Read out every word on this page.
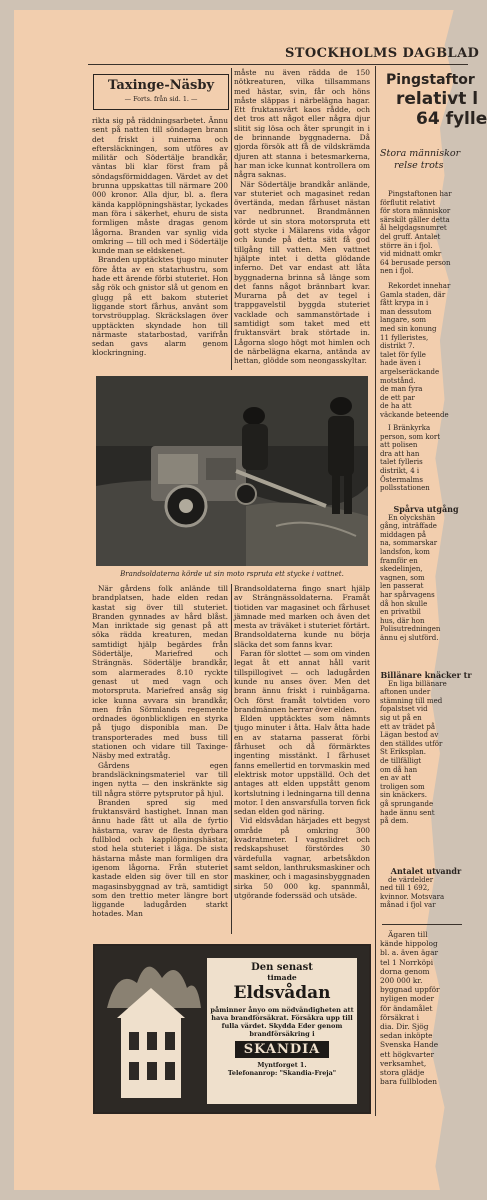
STOCKHOLMS DAGBLAD
Taxinge-Näsby
— Forts. från sid. 1. —

rikta sig på räddningsarbetet. Ännu sent på natten till söndagen brann det friskt i ruinerna och eftersläckningen, som utföres av militär och Södertälje brandkår, väntas bli klar först fram på söndagsförmiddagen. Värdet av det brunna uppskattas till närmare 200 000 kronor. Alla djur, bl. a. flera kända kapplöpningshästar, lyckades man föra i säkerhet, ehuru de sista formligen måste dragas genom lågorna. Branden var synlig vida omkring — till och med i Södertälje kunde man se eldskenet.

Branden upptäcktes tjugo minuter före åtta av en statarhustru, som hade ett ärende förbi stuteriet. Hon såg rök och gnistor slå ut genom en glugg på ett bakom stuteriet liggande stort fårhus, använt som torvströupplag. Skräckslagen över upptäckten skyndade hon till närmaste statarbostad, varifrån sedan gavs alarm genom klockringning.

måste nu även rädda de 150 nötkreaturen, vilka tillsammans med hästar, svin, får och höns måste släppas i närbelägna hagar. Ett fruktansvärt kaos rådde, och det tros att något eller några djur slitit sig lösa och åter sprungit in i de brinnande byggnaderna. Då gjorda försök att få de vildskrämda djuren att stanna i betesmarkerna, har man icke kunnat kontrollera om några saknas.

När Södertälje brandkår anlände, var stuteriet och magasinet redan övertända, medan fårhuset nästan var nedbrunnet. Brandmännen körde ut sin stora motorspruta ett gott stycke i Mälarens vida vågor och kunde på detta sätt få god tillgång till vatten. Men vattnet hjälpte intet i detta glödande inferno. Det var endast att låta byggnaderna brinna så länge som det fanns något brännbart kvar. Murarna på det av tegel i trappgavelstil byggda stuteriet vacklade och sammanstörtade i samtidigt som taket med ett fruktansvärt brak störtade in. Lågorna slogo högt mot himlen och de närbelägna ekarna, antända av hettan, glödde som neongasskyltar.

Brandsoldaterna körde ut sin moto rspruta ett stycke i vattnet.

När gårdens folk anlände till brandplatsen, hade elden redan kastat sig över till stuteriet. Branden gynnades av hård blåst. Man inriktade sig genast på att söka rädda kreaturen, medan samtidigt hjälp begärdes från Södertälje, Mariefred och Strängnäs. Södertälje brandkår, som alarmerades 8.10 ryckte genast ut med vagn och motorspruta. Mariefred ansåg sig icke kunna avvara sin brandkår, men från Sörmlands regemente ordnades ögonblickligen en styrka på tjugo disponibla man. De transporterades med buss till stationen och vidare till Taxinge-Näsby med extratåg.

Gårdens egen brandsläckningsmateriel var till ingen nytta — den inskränkte sig till några större pytsprutor på hjul.

Branden spred sig med fruktansvärd hastighet. Innan man ännu hade fått ut alla de fyrtio hästarna, varav de flesta dyrbara fullblod och kapplöpningshästar, stod hela stuteriet i låga. De sista hästarna måste man formligen dra igenom lågorna. Från stuteriet kastade elden sig över till en stor magasinsbyggnad av trä, samtidigt som den trettio meter längre bort liggande ladugården starkt hotades. Man

Brandsoldaterna fingo snart hjälp av Strängnässoldaterna. Framåt tiotiden var magasinet och fårhuset jämnade med marken och även det mesta av träväket i stuteriet förtärt. Brandsoldaterna kunde nu börja släcka det som fanns kvar.

Faran för slottet — som om vinden legat åt ett annat håll varit tillspillogivet — och ladugården kunde nu anses över. Men det brann ännu friskt i ruinbågarna. Och först framåt tolvtiden voro brandmännen herrar över elden.

Elden upptäcktes som nämnts tjugo minuter i åtta. Halv åtta hade en av statarna passerat förbi fårhuset och då förmärktes ingenting misstänkt. I fårhuset fanns emellertid en torvmaskin med elektrisk motor uppställd. Och det antages att elden uppstått genom kortslutning i ledningarna till denna motor. I den ansvarsfulla torven fick sedan elden god näring.

Vid eldsvådan härjades ett begyst område på omkring 300 kvadratmeter. I vagnslidret och redskapshuset förstördes 30 värdefulla vagnar, arbetsåkdon samt seldon, lanthruksmaskiner och maskiner, och i magasinsbyggnaden sirka 50 000 kg. spannmål, utgörande foderssäd och utsäde.

Den senast
timade
Eldsvådan
påminner ånyo om nödvändigheten att hava brandförsäkrat. Försäkra upp till fulla värdet. Skydda Eder genom brandförsäkring i
SKANDIA
Myntforget 1.
Telefonanrop: "Skandia-Freja"

Pingstaftor

relativt l

64 fylle

Stora människor

relse trots

Pingstaftonen har

förflutit relativt

för stora människor

särskilt gäller detta

ål helgdagsnumret

del gruff. Antalet

större än i fjol.

vid midnatt omkr

64 berusade person

nen i fjol.

Rekordet innehar

Gamla staden, där

fått krypa in i

man dessutom

langare, som

med sin konung

11 fylleristes,

distrikt 7.

talet för fylle

hade även i

argelseräckande

motstånd.

de man fyra

de ett par

de ha att

väckande beteende

I Bränkyrka

person, som kort

att polisen

dra att han

talet fylleris

distrikt, 4 i

Östermalms

pollsstationen

Spårva utgång

En olyckshän

gång, inträffade

middagen på

na, sommarskar

landsfon, kom

framför en

skedelinjen,

vagnen, som

len passerat

har spårvagens

då hon skulle

en privatbil

hus, där hon

Polisutredningen

ännu ej slutförd.

Billänare knäcker tr

En liga billänare

aftonen under

stämning till med

fopalstset vid

sig ut på en

ett av trädet på

Lägan bestod av

den ställdes utför

St Eriksplan.

de tillfälligt

om då han

en av att

troligen som

sin knäckers.

gå sprungande

hade ännu sent

på dem.

Antalet utvandr

de värdelder

ned till 1 692,

kvinnor. Motsvara

månad i fjol var

Ägaren till

kände hippolog

bl. a. även ägar

tel 1 Norrköpi

dorna genom

200 000 kr.

byggnad uppför

nyligen moder

för ändamålet

försäkrat i

dia. Dir. Sjög

sedan inköpte

Svenska Hande

ett högkvarter

verksamhet,

stora glädje

bara fullbloden
